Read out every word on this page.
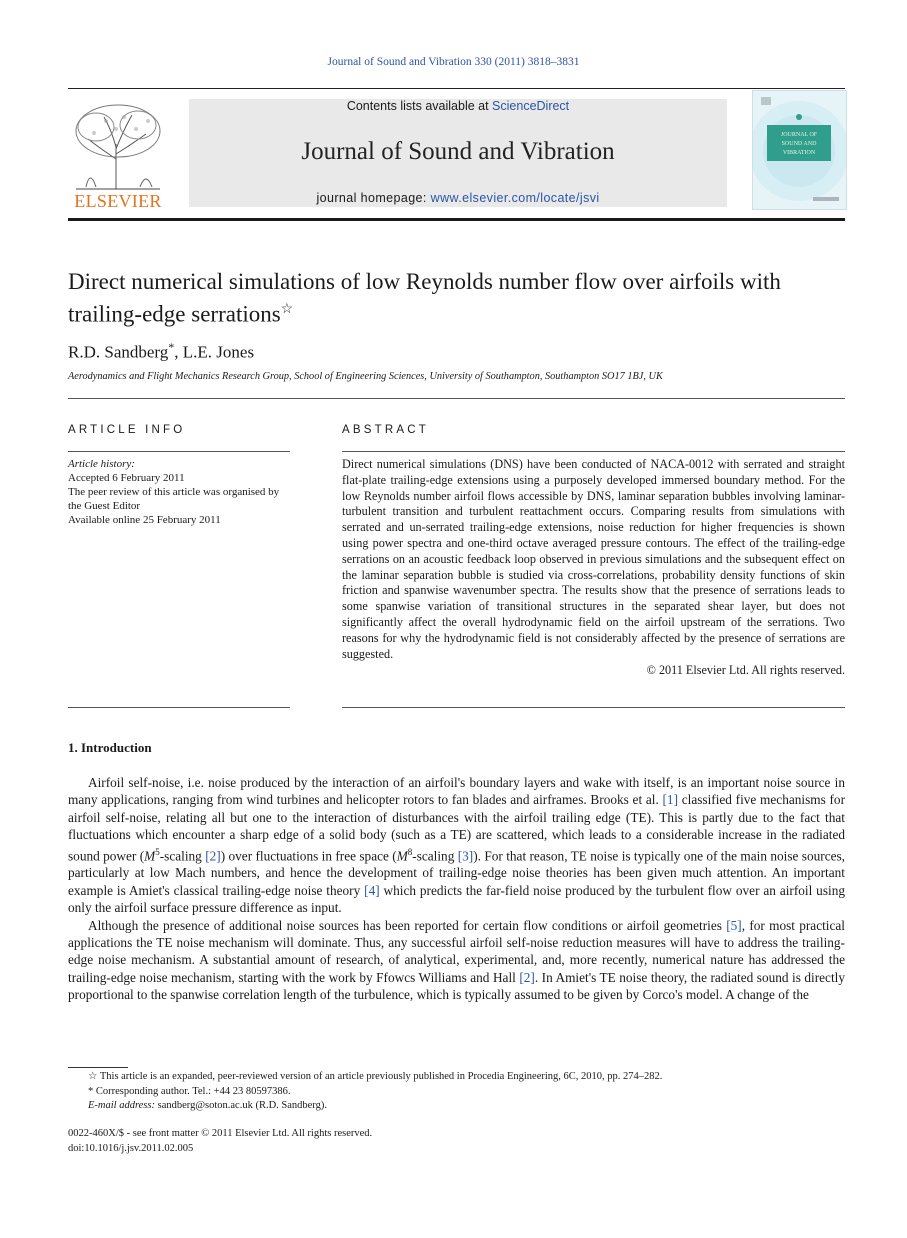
Journal of Sound and Vibration 330 (2011) 3818–3831
ELSEVIER
Contents lists available at ScienceDirect
Journal of Sound and Vibration
journal homepage: www.elsevier.com/locate/jsvi
JOURNAL OF
SOUND AND
VIBRATION
Direct numerical simulations of low Reynolds number flow over airfoils with trailing-edge serrations☆
R.D. Sandberg*, L.E. Jones
Aerodynamics and Flight Mechanics Research Group, School of Engineering Sciences, University of Southampton, Southampton SO17 1BJ, UK
ARTICLE INFO	ABSTRACT
Article history:
Accepted 6 February 2011
The peer review of this article was organised by the Guest Editor
Available online 25 February 2011
Direct numerical simulations (DNS) have been conducted of NACA-0012 with serrated and straight flat-plate trailing-edge extensions using a purposely developed immersed boundary method. For the low Reynolds number airfoil flows accessible by DNS, laminar separation bubbles involving laminar-turbulent transition and turbulent reattachment occurs. Comparing results from simulations with serrated and un-serrated trailing-edge extensions, noise reduction for higher frequencies is shown using power spectra and one-third octave averaged pressure contours. The effect of the trailing-edge serrations on an acoustic feedback loop observed in previous simulations and the subsequent effect on the laminar separation bubble is studied via cross-correlations, probability density functions of skin friction and spanwise wavenumber spectra. The results show that the presence of serrations leads to some spanwise variation of transitional structures in the separated shear layer, but does not significantly affect the overall hydrodynamic field on the airfoil upstream of the serrations. Two reasons for why the hydrodynamic field is not considerably affected by the presence of serrations are suggested.
© 2011 Elsevier Ltd. All rights reserved.
1. Introduction

Airfoil self-noise, i.e. noise produced by the interaction of an airfoil's boundary layers and wake with itself, is an important noise source in many applications, ranging from wind turbines and helicopter rotors to fan blades and airframes. Brooks et al. [1] classified five mechanisms for airfoil self-noise, relating all but one to the interaction of disturbances with the airfoil trailing edge (TE). This is partly due to the fact that fluctuations which encounter a sharp edge of a solid body (such as a TE) are scattered, which leads to a considerable increase in the radiated sound power ($M^5$-scaling [2]) over fluctuations in free space ($M^8$-scaling [3]). For that reason, TE noise is typically one of the main noise sources, particularly at low Mach numbers, and hence the development of trailing-edge noise theories has been given much attention. An important example is Amiet's classical trailing-edge noise theory [4] which predicts the far-field noise produced by the turbulent flow over an airfoil using only the airfoil surface pressure difference as input.

Although the presence of additional noise sources has been reported for certain flow conditions or airfoil geometries [5], for most practical applications the TE noise mechanism will dominate. Thus, any successful airfoil self-noise reduction measures will have to address the trailing-edge noise mechanism. A substantial amount of research, of analytical, experimental, and, more recently, numerical nature has addressed the trailing-edge noise mechanism, starting with the work by Ffowcs Williams and Hall [2]. In Amiet's TE noise theory, the radiated sound is directly proportional to the spanwise correlation length of the turbulence, which is typically assumed to be given by Corco's model. A change of the

☆ This article is an expanded, peer-reviewed version of an article previously published in Procedia Engineering, 6C, 2010, pp. 274–282.
* Corresponding author. Tel.: +44 23 80597386.
E-mail address: sandberg@soton.ac.uk (R.D. Sandberg).
0022-460X/$ - see front matter © 2011 Elsevier Ltd. All rights reserved.
doi:10.1016/j.jsv.2011.02.005
